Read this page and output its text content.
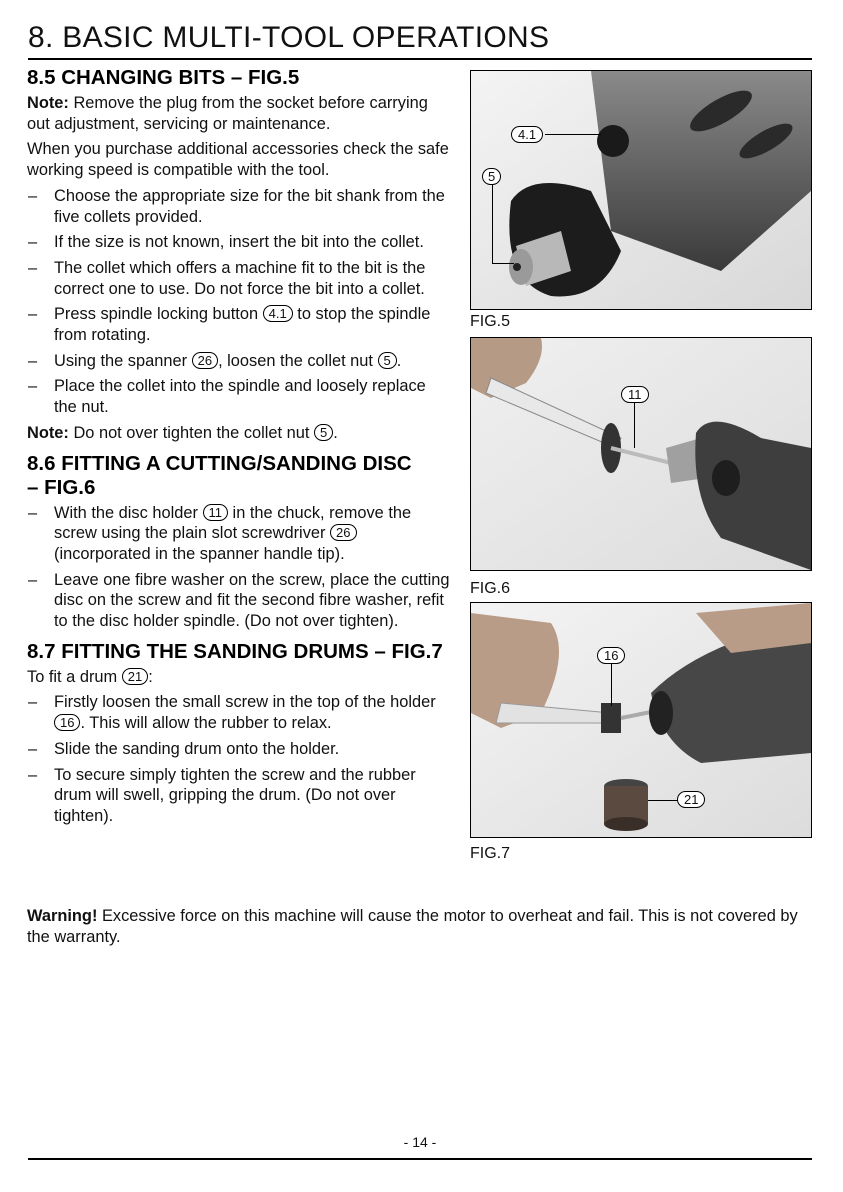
8. BASIC MULTI-TOOL OPERATIONS
8.5 CHANGING BITS – FIG.5

Note: Remove the plug from the socket before carrying out adjustment, servicing or maintenance.

When you purchase additional accessories check the safe working speed is compatible with the tool.

– Choose the appropriate size for the bit shank from the five collets provided.
– If the size is not known, insert the bit into the collet.
– The collet which offers a machine fit to the bit is the correct one to use. Do not force the bit into a collet.
– Press spindle locking button 4.1 to stop the spindle from rotating.
– Using the spanner 26 , loosen the collet nut 5 .
– Place the collet into the spindle and loosely replace the nut.

Note: Do not over tighten the collet nut 5 .

8.6 FITTING A CUTTING/SANDING DISC – FIG.6
– With the disc holder 11 in the chuck, remove the screw using the plain slot screwdriver 26 (incorporated in the spanner handle tip).
– Leave one fibre washer on the screw, place the cutting disc on the screw and fit the second fibre washer, refit to the disc holder spindle. (Do not over tighten).
8.7 FITTING THE SANDING DRUMS – FIG.7

To fit a drum 21 :

– Firstly loosen the small screw in the top of the holder 16 . This will allow the rubber to relax.
– Slide the sanding drum onto the holder.
– To secure simply tighten the screw and the rubber drum will swell, gripping the drum. (Do not over tighten).
Warning! Excessive force on this machine will cause the motor to overheat and fail. This is not covered by the warranty.
4.1
5
FIG.5
11
FIG.6
16
21
FIG.7
- 14 -
